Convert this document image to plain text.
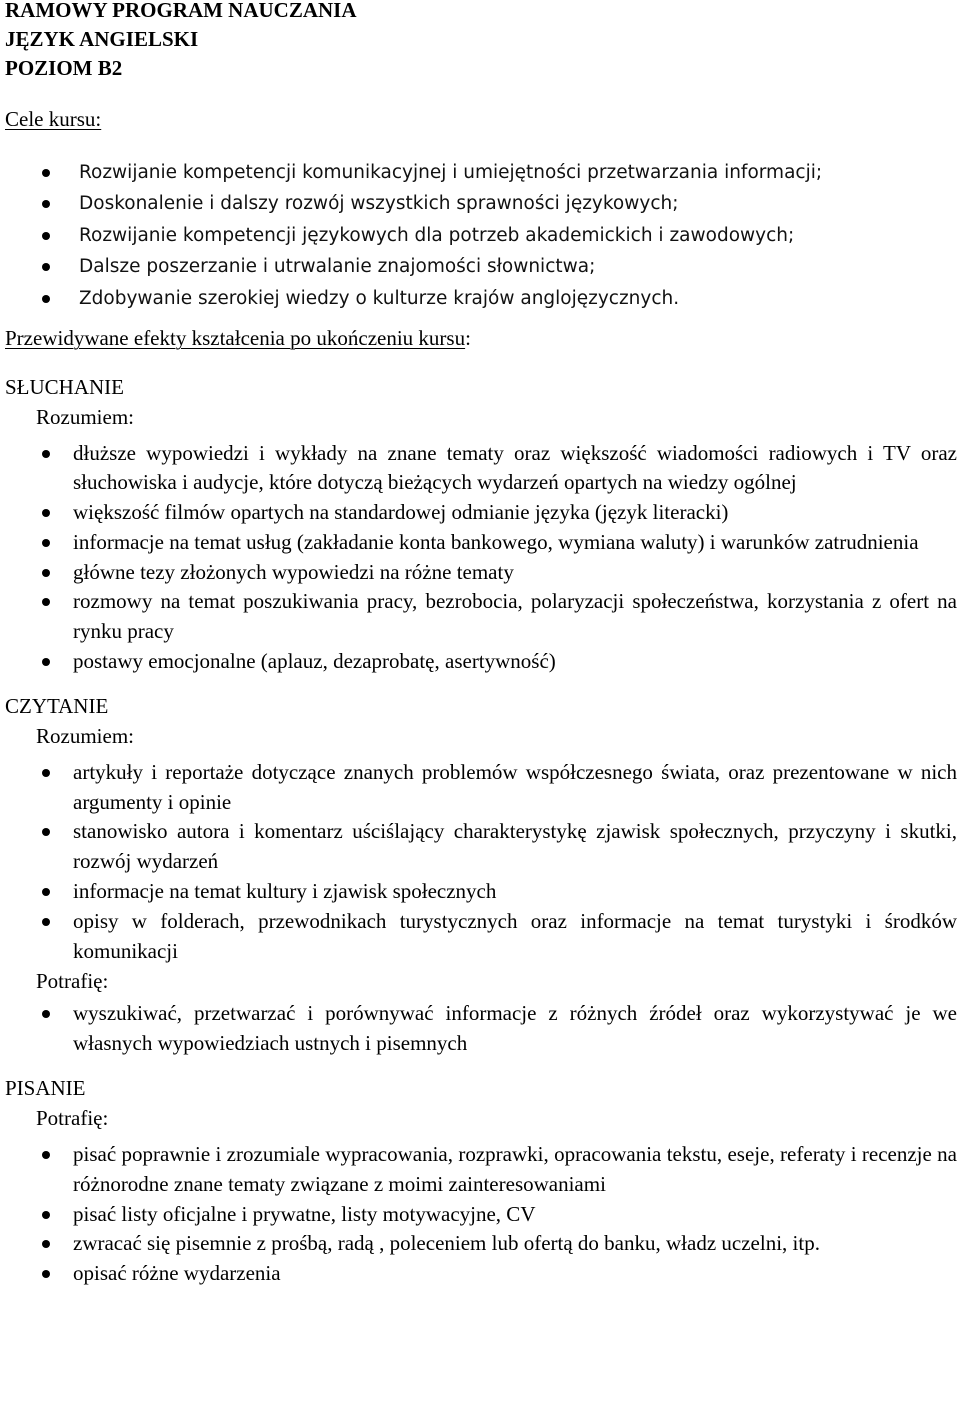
RAMOWY PROGRAM NAUCZANIA

JĘZYK ANGIELSKI

POZIOM B2

Cele kursu:

Rozwijanie kompetencji komunikacyjnej i umiejętności przetwarzania informacji;
Doskonalenie i dalszy rozwój wszystkich sprawności językowych;
Rozwijanie kompetencji językowych dla potrzeb akademickich i zawodowych;
Dalsze poszerzanie i utrwalanie znajomości słownictwa;
Zdobywanie szerokiej wiedzy o kulturze krajów anglojęzycznych.

Przewidywane efekty kształcenia po ukończeniu kursu:

SŁUCHANIE

Rozumiem:

dłuższe wypowiedzi i wykłady na znane tematy oraz większość wiadomości radiowych i TV oraz słuchowiska i audycje, które dotyczą bieżących wydarzeń opartych na wiedzy ogólnej
większość filmów opartych na standardowej odmianie języka (język literacki)
informacje na temat usług (zakładanie konta bankowego, wymiana waluty) i warunków zatrudnienia
główne tezy złożonych wypowiedzi na różne tematy
rozmowy na temat poszukiwania pracy, bezrobocia, polaryzacji społeczeństwa, korzystania z ofert na rynku pracy
postawy emocjonalne (aplauz, dezaprobatę, asertywność)

CZYTANIE

Rozumiem:

artykuły i reportaże dotyczące znanych problemów współczesnego świata, oraz prezentowane w nich argumenty i opinie
stanowisko autora i komentarz uściślający charakterystykę zjawisk społecznych, przyczyny i skutki, rozwój wydarzeń
informacje na temat kultury i zjawisk społecznych
opisy w folderach, przewodnikach turystycznych oraz informacje na temat turystyki i środków komunikacji

Potrafię:

wyszukiwać, przetwarzać i porównywać informacje z różnych źródeł oraz wykorzystywać je we własnych wypowiedziach ustnych i pisemnych

PISANIE

Potrafię:

pisać poprawnie i zrozumiale wypracowania, rozprawki, opracowania tekstu, eseje, referaty i recenzje na różnorodne znane tematy związane z moimi zainteresowaniami
pisać listy oficjalne i prywatne, listy motywacyjne, CV
zwracać się pisemnie z prośbą, radą , poleceniem lub ofertą do banku, władz uczelni, itp.
opisać różne wydarzenia
